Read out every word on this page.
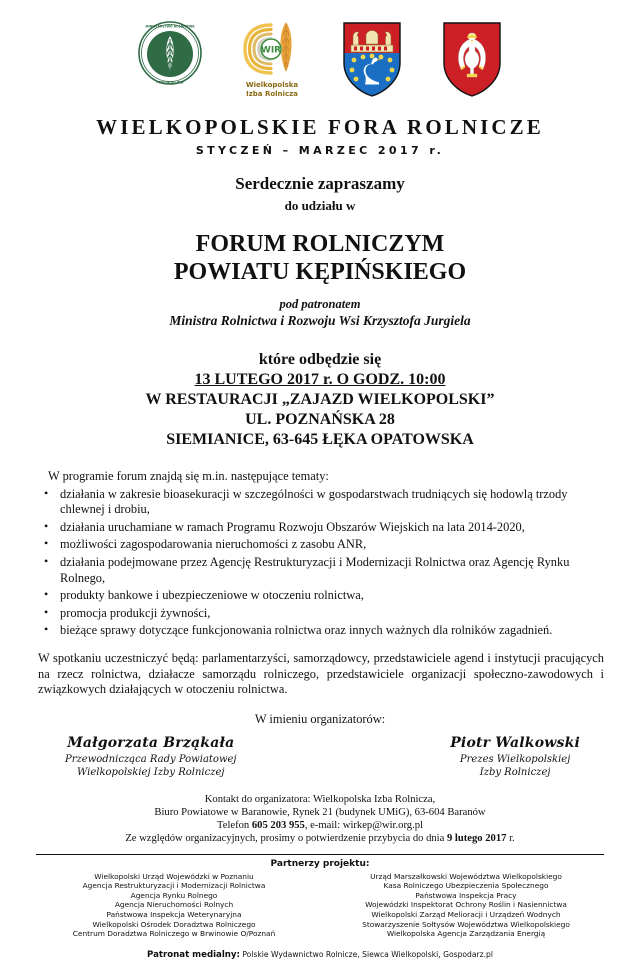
MINISTERSTWO ROLNICTWA
I ROZWOJU WSI
WIR
Wielkopolska
Izba Rolnicza
WIELKOPOLSKIE FORA ROLNICZE
STYCZEŃ – MARZEC 2017 r.
Serdecznie zapraszamy
do udziału w
FORUM ROLNICZYM
POWIATU KĘPIŃSKIEGO
pod patronatem
Ministra Rolnictwa i Rozwoju Wsi Krzysztofa Jurgiela
które odbędzie się
13 LUTEGO 2017 r. O GODZ. 10:00
W RESTAURACJI „ZAJAZD WIELKOPOLSKI”
UL. POZNAŃSKA 28
SIEMIANICE, 63-645 ŁĘKA OPATOWSKA
W programie forum znajdą się m.in. następujące tematy:
• działania w zakresie bioasekuracji w szczególności w gospodarstwach trudniących się hodowlą trzody chlewnej i drobiu,
• działania uruchamiane w ramach Programu Rozwoju Obszarów Wiejskich na lata 2014-2020,
• możliwości zagospodarowania nieruchomości z zasobu ANR,
• działania podejmowane przez Agencję Restrukturyzacji i Modernizacji Rolnictwa oraz Agencję Rynku Rolnego,
• produkty bankowe i ubezpieczeniowe w otoczeniu rolnictwa,
• promocja produkcji żywności,
• bieżące sprawy dotyczące funkcjonowania rolnictwa oraz innych ważnych dla rolników zagadnień.
W spotkaniu uczestniczyć będą: parlamentarzyści, samorządowcy, przedstawiciele agend i instytucji pracujących na rzecz rolnictwa, działacze samorządu rolniczego, przedstawiciele organizacji społeczno-zawodowych i związkowych działających w otoczeniu rolnictwa.
W imieniu organizatorów:
Małgorzata Brząkała
Przewodnicząca Rady Powiatowej
Wielkopolskiej Izby Rolniczej
Piotr Walkowski
Prezes Wielkopolskiej
Izby Rolniczej
Kontakt do organizatora: Wielkopolska Izba Rolnicza,
Biuro Powiatowe w Baranowie, Rynek 21 (budynek UMiG), 63-604 Baranów
Telefon 605 203 955, e-mail: wirkep@wir.org.pl
Ze względów organizacyjnych, prosimy o potwierdzenie przybycia do dnia 9 lutego 2017 r.
Partnerzy projektu:
Wielkopolski Urząd Wojewódzki w Poznaniu
Agencja Restrukturyzacji i Modernizacji Rolnictwa
Agencja Rynku Rolnego
Agencja Nieruchomości Rolnych
Państwowa Inspekcja Weterynaryjna
Wielkopolski Ośrodek Doradztwa Rolniczego
Centrum Doradztwa Rolniczego w Brwinowie O/Poznań
Urząd Marszałkowski Województwa Wielkopolskiego
Kasa Rolniczego Ubezpieczenia Społecznego
Państwowa Inspekcja Pracy
Wojewódzki Inspektorat Ochrony Roślin i Nasiennictwa
Wielkopolski Zarząd Melioracji i Urządzeń Wodnych
Stowarzyszenie Sołtysów Województwa Wielkopolskiego
Wielkopolska Agencja Zarządzania Energią
Patronat medialny: Polskie Wydawnictwo Rolnicze, Siewca Wielkopolski, Gospodarz.pl
